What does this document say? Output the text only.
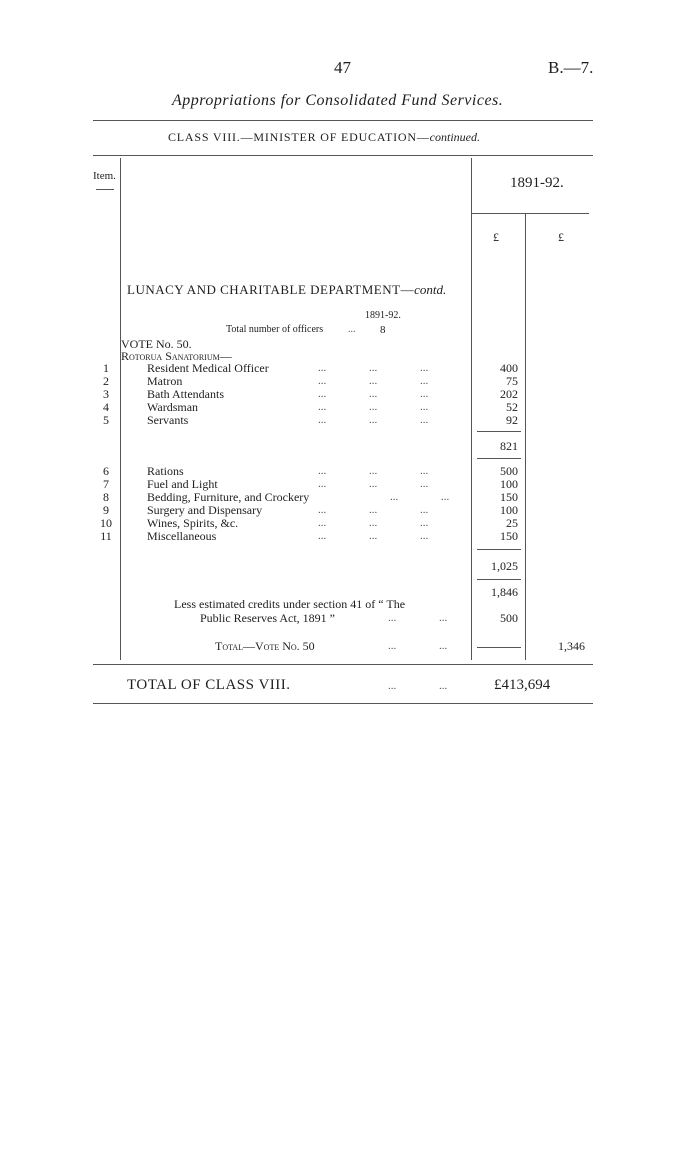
47	B.—7.
Appropriations for Consolidated Fund Services.
CLASS VIII.—MINISTER OF EDUCATION—continued.
Item.	1891-92.
£	£
LUNACY AND CHARITABLE DEPARTMENT—contd.
1891-92.
Total number of officers ... 8
VOTE No. 50.
Rotorua Sanatorium—
1	Resident Medical Officer	... ... ...	400
2	Matron	... ... ...	75
3	Bath Attendants	... ... ...	202
4	Wardsman	... ... ...	52
5	Servants	... ... ...	92
821
6	Rations	... ... ...	500
7	Fuel and Light	... ... ...	100
8	Bedding, Furniture, and Crockery	... ...	150
9	Surgery and Dispensary	... ... ...	100
10	Wines, Spirits, &c.	... ... ...	25
11	Miscellaneous	... ... ...	150
1,025
1,846
Less estimated credits under section 41 of “ The
Public Reserves Act, 1891 ”	... ...	500
Total—Vote No. 50	... ...	1,346
TOTAL OF CLASS VIII.	... ...	£413,694
